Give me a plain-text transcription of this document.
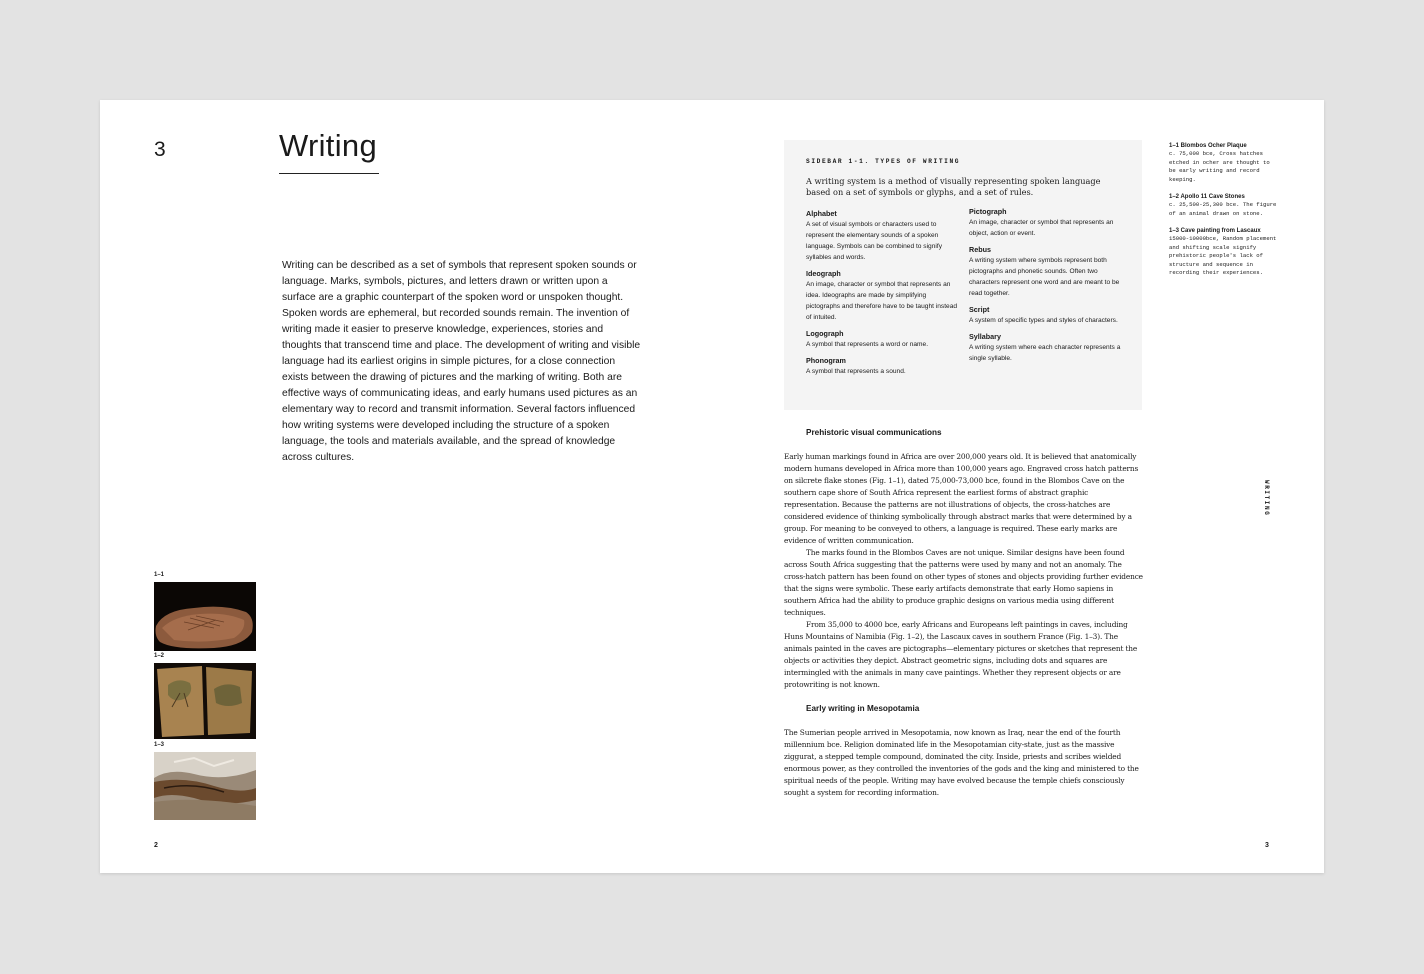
3	Writing

Writing can be described as a set of symbols that represent spoken sounds or language. Marks, symbols, pictures, and letters drawn or written upon a surface are a graphic counterpart of the spoken word or unspoken thought. Spoken words are ephemeral, but recorded sounds remain. The invention of writing made it easier to preserve knowledge, experiences, stories and thoughts that transcend time and place. The development of writing and visible language had its earliest origins in simple pictures, for a close connection exists between the drawing of pictures and the marking of writing. Both are effective ways of communicating ideas, and early humans used pictures as an elementary way to record and transmit information. Several factors influenced how writing systems were developed including the structure of a spoken language, the tools and materials available, and the spread of knowledge across cultures.

1–1
1–2
1–3
2
SIDEBAR 1-1. TYPES OF WRITING

A writing system is a method of visually representing spoken language based on a set of symbols or glyphs, and a set of rules.

Alphabet
A set of visual symbols or characters used to represent the elementary sounds of a spoken language. Symbols can be combined to signify syllables and words.
Ideograph
An image, character or symbol that represents an idea. Ideographs are made by simplifying pictographs and therefore have to be taught instead of intuited.
Logograph
A symbol that represents a word or name.
Phonogram
A symbol that represents a sound.
Pictograph
An image, character or symbol that represents an object, action or event.
Rebus
A writing system where symbols represent both pictographs and phonetic sounds. Often two characters represent one word and are meant to be read together.
Script
A system of specific types and styles of characters.
Syllabary
A writing system where each character represents a single syllable.
Prehistoric visual communications

Early human markings found in Africa are over 200,000 years old. It is believed that anatomically modern humans developed in Africa more than 100,000 years ago. Engraved cross hatch patterns on silcrete flake stones (Fig. 1–1), dated 75,000-73,000 bce, found in the Blombos Cave on the southern cape shore of South Africa represent the earliest forms of abstract graphic representation. Because the patterns are not illustrations of objects, the cross-hatches are considered evidence of thinking symbolically through abstract marks that were determined by a group. For meaning to be conveyed to others, a language is required. These early marks are evidence of written communication.

The marks found in the Blombos Caves are not unique. Similar designs have been found across South Africa suggesting that the patterns were used by many and not an anomaly. The cross-hatch pattern has been found on other types of stones and objects providing further evidence that the signs were symbolic. These early artifacts demonstrate that early Homo sapiens in southern Africa had the ability to produce graphic designs on various media using different techniques.

From 35,000 to 4000 bce, early Africans and Europeans left paintings in caves, including Huns Mountains of Namibia (Fig. 1–2), the Lascaux caves in southern France (Fig. 1–3). The animals painted in the caves are pictographs—elementary pictures or sketches that represent the objects or activities they depict. Abstract geometric signs, including dots and squares are intermingled with the animals in many cave paintings. Whether they represent objects or are protowriting is not known.

Early writing in Mesopotamia

The Sumerian people arrived in Mesopotamia, now known as Iraq, near the end of the fourth millennium bce. Religion dominated life in the Mesopotamian city-state, just as the massive ziggurat, a stepped temple compound, dominated the city. Inside, priests and scribes wielded enormous power, as they controlled the inventories of the gods and the king and ministered to the spiritual needs of the people. Writing may have evolved because the temple chiefs consciously sought a system for recording information.

1–1 Blombos Ocher Plaque
c. 75,000 bce, Cross hatches etched in ocher are thought to be early writing and record keeping.
1–2 Apollo 11 Cave Stones
c. 25,500-25,300 bce. The figure of an animal drawn on stone.
1–3 Cave painting from Lascaux
15000-10000bce, Random placement and shifting scale signify prehistoric people's lack of structure and sequence in recording their experiences.
WRITING
3
